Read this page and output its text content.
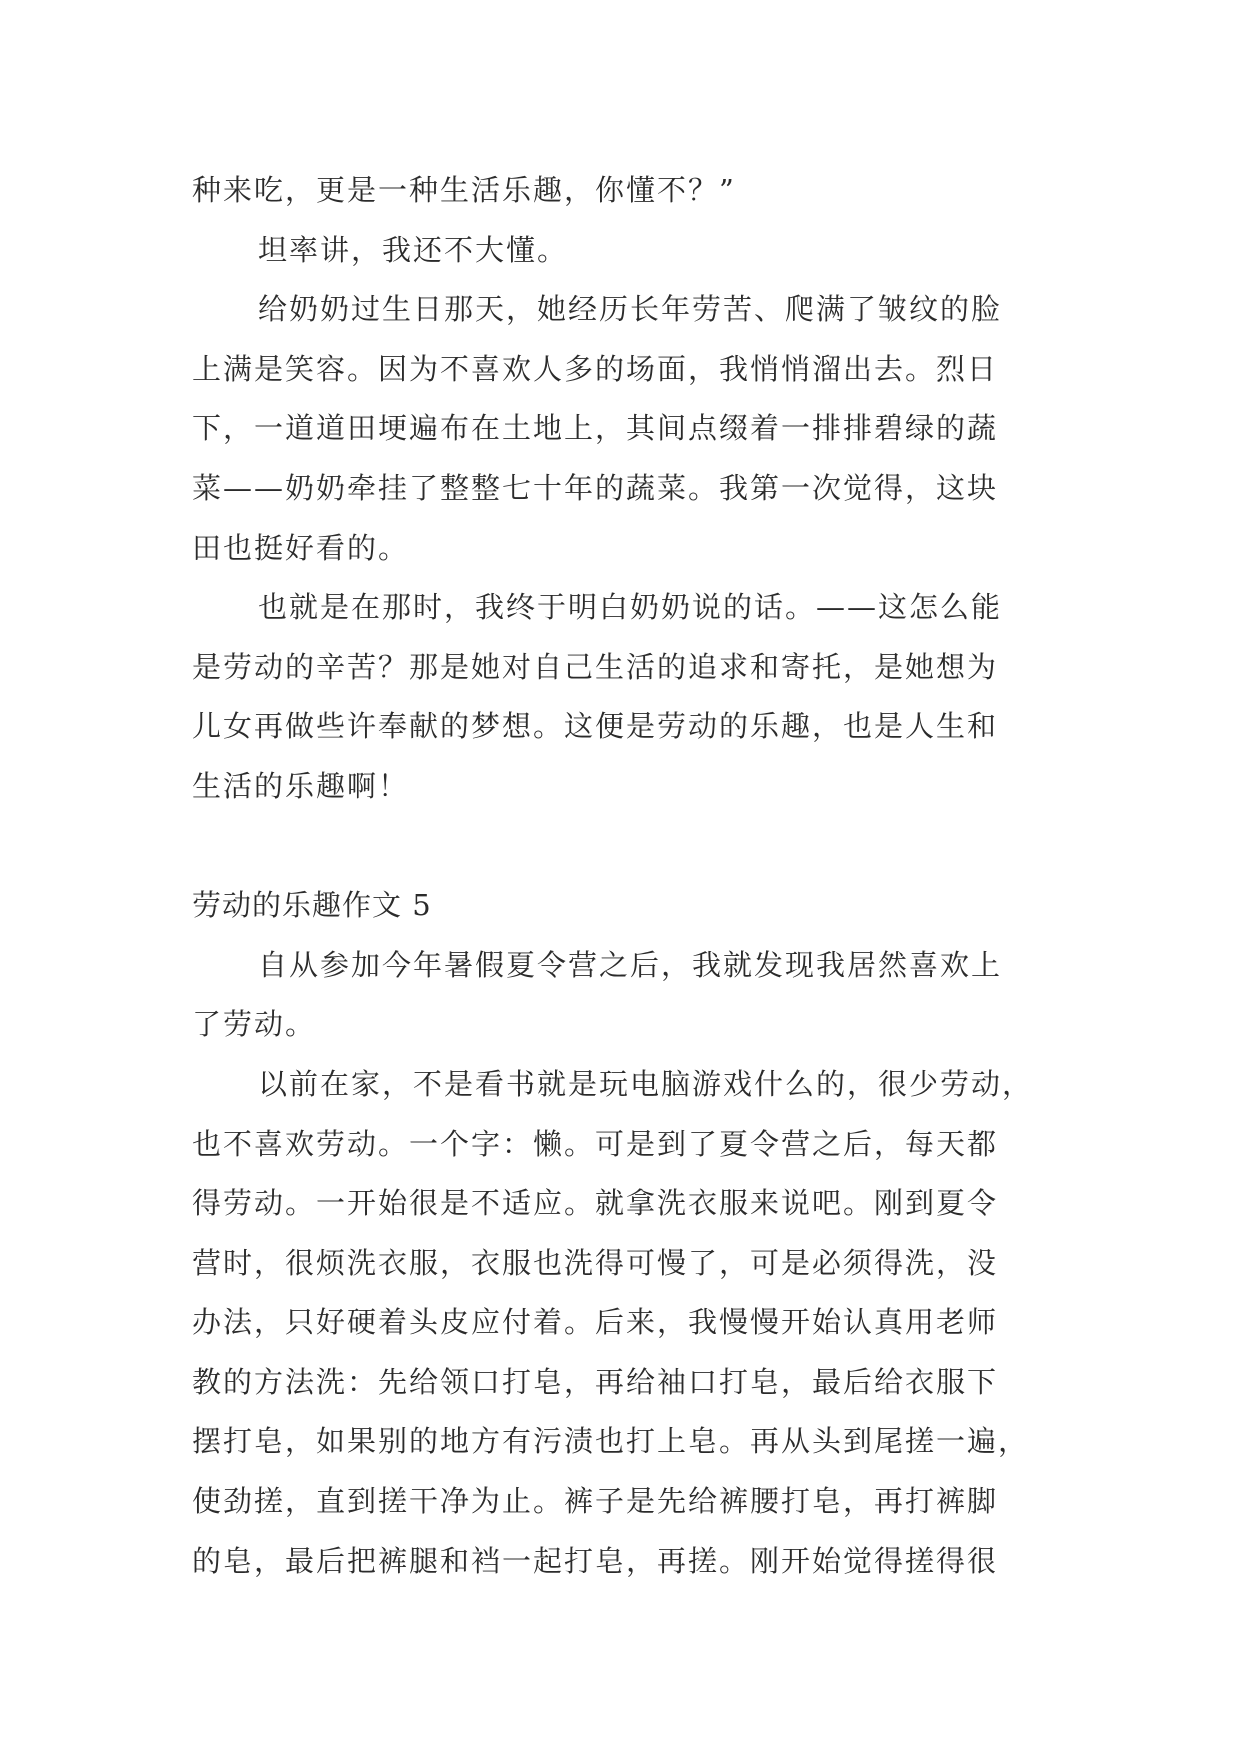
种来吃，更是一种生活乐趣，你懂不？”
坦率讲，我还不大懂。
给奶奶过生日那天，她经历长年劳苦、爬满了皱纹的脸
上满是笑容。因为不喜欢人多的场面，我悄悄溜出去。烈日
下，一道道田埂遍布在土地上，其间点缀着一排排碧绿的蔬
菜——奶奶牵挂了整整七十年的蔬菜。我第一次觉得，这块
田也挺好看的。
也就是在那时，我终于明白奶奶说的话。——这怎么能
是劳动的辛苦？那是她对自己生活的追求和寄托，是她想为
儿女再做些许奉献的梦想。这便是劳动的乐趣，也是人生和
生活的乐趣啊！
劳动的乐趣作文 5
自从参加今年暑假夏令营之后，我就发现我居然喜欢上
了劳动。
以前在家，不是看书就是玩电脑游戏什么的，很少劳动，
也不喜欢劳动。一个字：懒。可是到了夏令营之后，每天都
得劳动。一开始很是不适应。就拿洗衣服来说吧。刚到夏令
营时，很烦洗衣服，衣服也洗得可慢了，可是必须得洗，没
办法，只好硬着头皮应付着。后来，我慢慢开始认真用老师
教的方法洗：先给领口打皂，再给袖口打皂，最后给衣服下
摆打皂，如果别的地方有污渍也打上皂。再从头到尾搓一遍，
使劲搓，直到搓干净为止。裤子是先给裤腰打皂，再打裤脚
的皂，最后把裤腿和裆一起打皂，再搓。刚开始觉得搓得很
